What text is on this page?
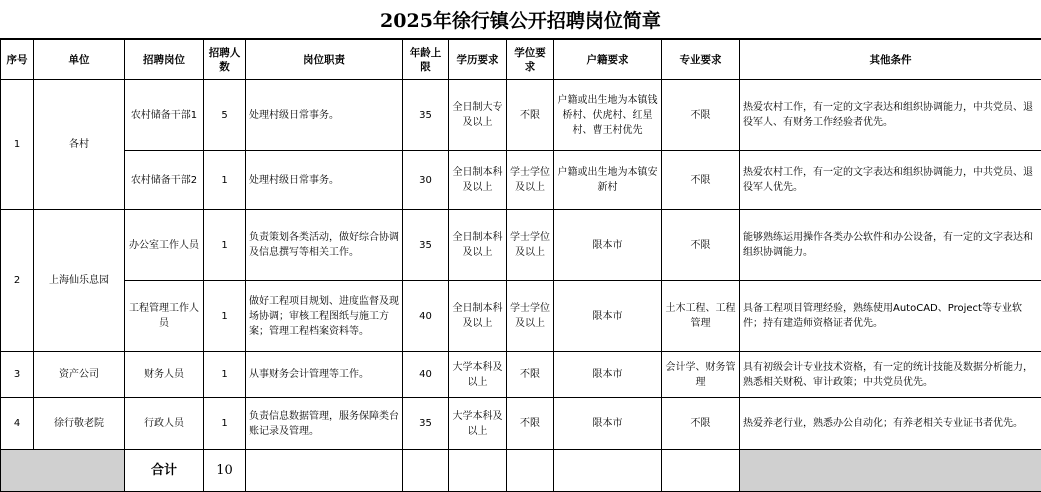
2025年徐行镇公开招聘岗位简章
序号	单位	招聘岗位	招聘人数	岗位职责	年龄上限	学历要求	学位要求	户籍要求	专业要求	其他条件
1	各村	农村储备干部1	5	处理村级日常事务。	35	全日制大专及以上	不限	户籍或出生地为本镇钱桥村、伏虎村、红星村、曹王村优先	不限	热爱农村工作，有一定的文字表达和组织协调能力，中共党员、退役军人、有财务工作经验者优先。
		农村储备干部2	1	处理村级日常事务。	30	全日制本科及以上	学士学位及以上	户籍或出生地为本镇安新村	不限	热爱农村工作，有一定的文字表达和组织协调能力，中共党员、退役军人优先。
2	上海仙乐息园	办公室工作人员	1	负责策划各类活动，做好综合协调及信息撰写等相关工作。	35	全日制本科及以上	学士学位及以上	限本市	不限	能够熟练运用操作各类办公软件和办公设备，有一定的文字表达和组织协调能力。
		工程管理工作人员	1	做好工程项目规划、进度监督及现场协调；审核工程图纸与施工方案；管理工程档案资料等。	40	全日制本科及以上	学士学位及以上	限本市	土木工程、工程管理	具备工程项目管理经验，熟练使用AutoCAD、Project等专业软件；持有建造师资格证者优先。
3	资产公司	财务人员	1	从事财务会计管理等工作。	40	大学本科及以上	不限	限本市	会计学、财务管理	具有初级会计专业技术资格，有一定的统计技能及数据分析能力，熟悉相关财税、审计政策；中共党员优先。
4	徐行敬老院	行政人员	1	负责信息数据管理，服务保障类台账记录及管理。	35	大学本科及以上	不限	限本市	不限	热爱养老行业，熟悉办公自动化；有养老相关专业证书者优先。
		合计	10							
